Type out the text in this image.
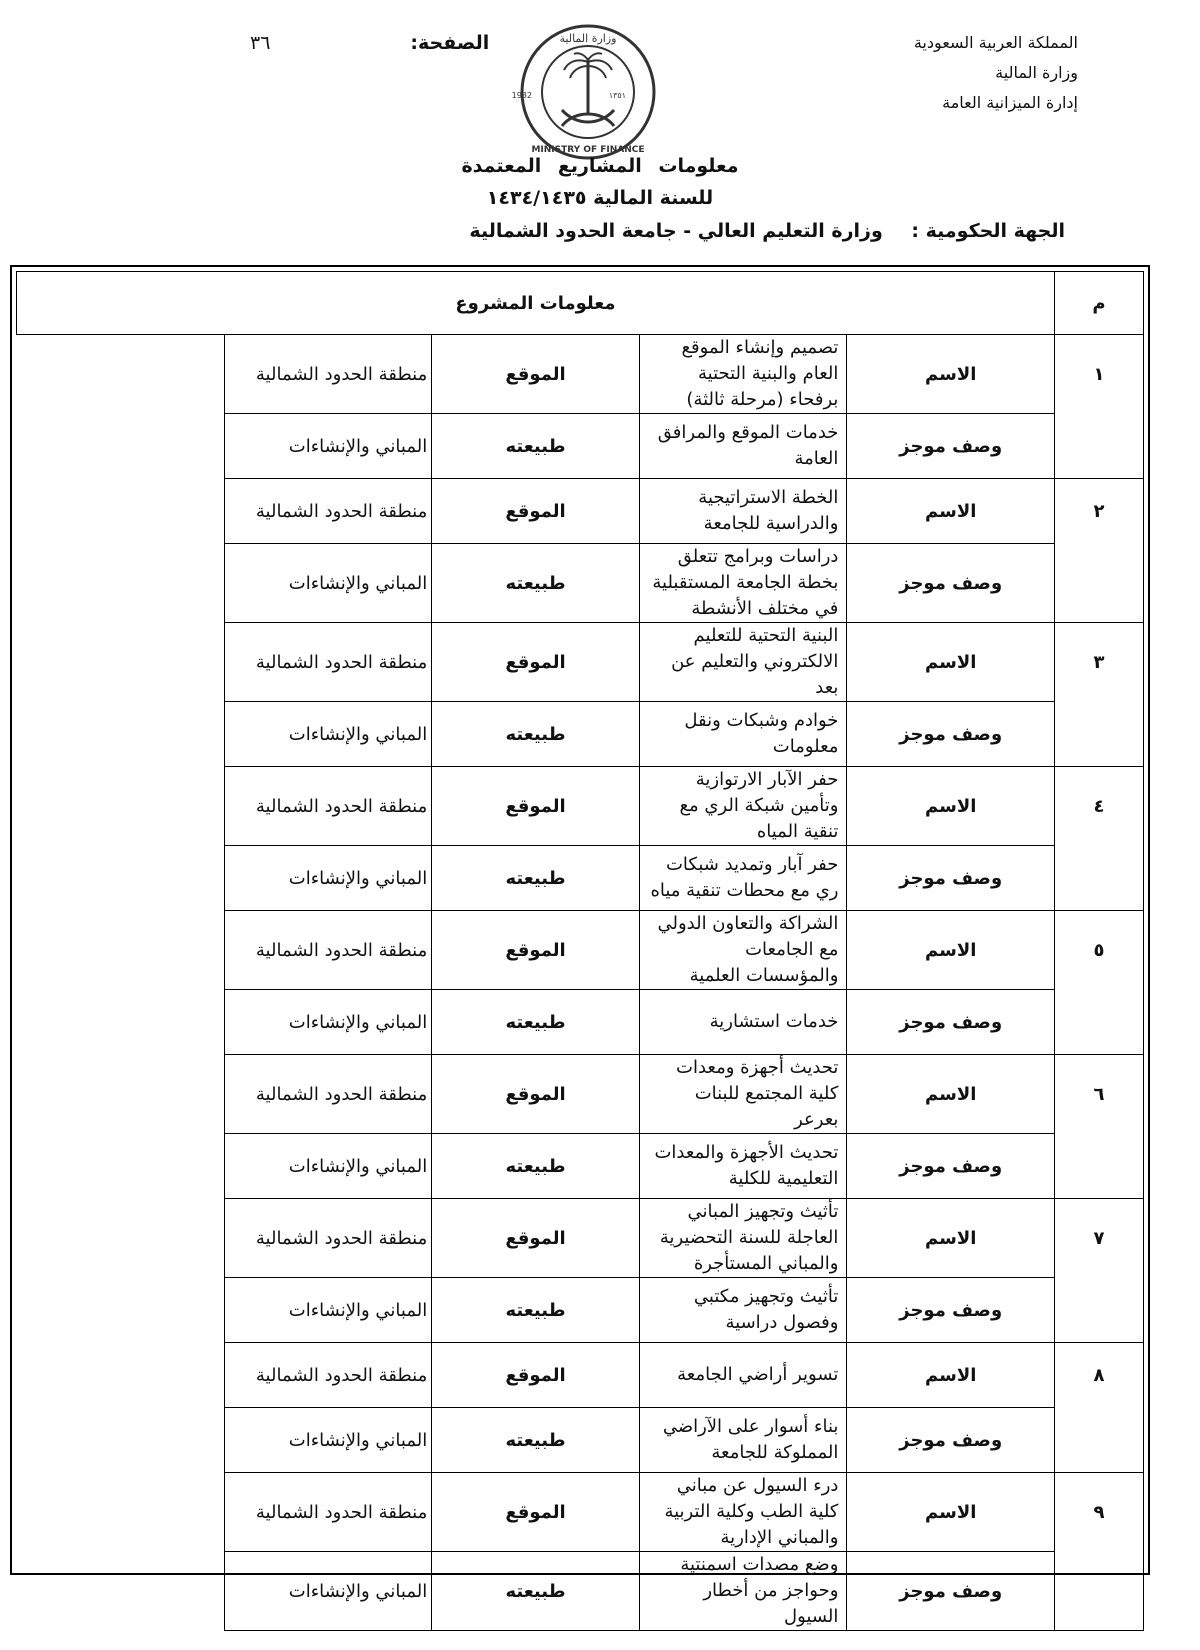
المملكة العربية السعودية
وزارة المالية
إدارة الميزانية العامة
الصفحة:
٣٦	وزارة المالية
MINISTRY OF FINANCE
1932	١٣٥١
معلومات المشاريع المعتمدة
للسنة المالية ١٤٣٤/١٤٣٥
الجهة الحكومية : وزارة التعليم العالي - جامعة الحدود الشمالية
م	معلومات المشروع				
١	الاسم	تصميم وإنشاء الموقع العام والبنية التحتية برفحاء (مرحلة ثالثة)	الموقع	منطقة الحدود الشمالية	
	وصف موجز	خدمات الموقع والمرافق العامة	طبيعته	المباني والإنشاءات	
٢	الاسم	الخطة الاستراتيجية والدراسية للجامعة	الموقع	منطقة الحدود الشمالية	
	وصف موجز	دراسات وبرامج تتعلق بخطة الجامعة المستقبلية في مختلف الأنشطة	طبيعته	المباني والإنشاءات	
٣	الاسم	البنية التحتية للتعليم الالكتروني والتعليم عن بعد	الموقع	منطقة الحدود الشمالية	
	وصف موجز	خوادم وشبكات ونقل معلومات	طبيعته	المباني والإنشاءات	
٤	الاسم	حفر الآبار الارتوازية وتأمين شبكة الري مع تنقية المياه	الموقع	منطقة الحدود الشمالية	
	وصف موجز	حفر آبار وتمديد شبكات ري مع محطات تنقية مياه	طبيعته	المباني والإنشاءات	
٥	الاسم	الشراكة والتعاون الدولي مع الجامعات والمؤسسات العلمية	الموقع	منطقة الحدود الشمالية	
	وصف موجز	خدمات استشارية	طبيعته	المباني والإنشاءات	
٦	الاسم	تحديث أجهزة ومعدات كلية المجتمع للبنات بعرعر	الموقع	منطقة الحدود الشمالية	
	وصف موجز	تحديث الأجهزة والمعدات التعليمية للكلية	طبيعته	المباني والإنشاءات	
٧	الاسم	تأثيث وتجهيز المباني العاجلة للسنة التحضيرية والمباني المستأجرة	الموقع	منطقة الحدود الشمالية	
	وصف موجز	تأثيث وتجهيز مكتبي وفصول دراسية	طبيعته	المباني والإنشاءات	
٨	الاسم	تسوير أراضي الجامعة	الموقع	منطقة الحدود الشمالية	
	وصف موجز	بناء أسوار على الآراضي المملوكة للجامعة	طبيعته	المباني والإنشاءات	
٩	الاسم	درء السيول عن مباني كلية الطب وكلية التربية والمباني الإدارية	الموقع	منطقة الحدود الشمالية	
	وصف موجز	وضع مصدات اسمنتية وحواجز من أخطار السيول	طبيعته	المباني والإنشاءات	
